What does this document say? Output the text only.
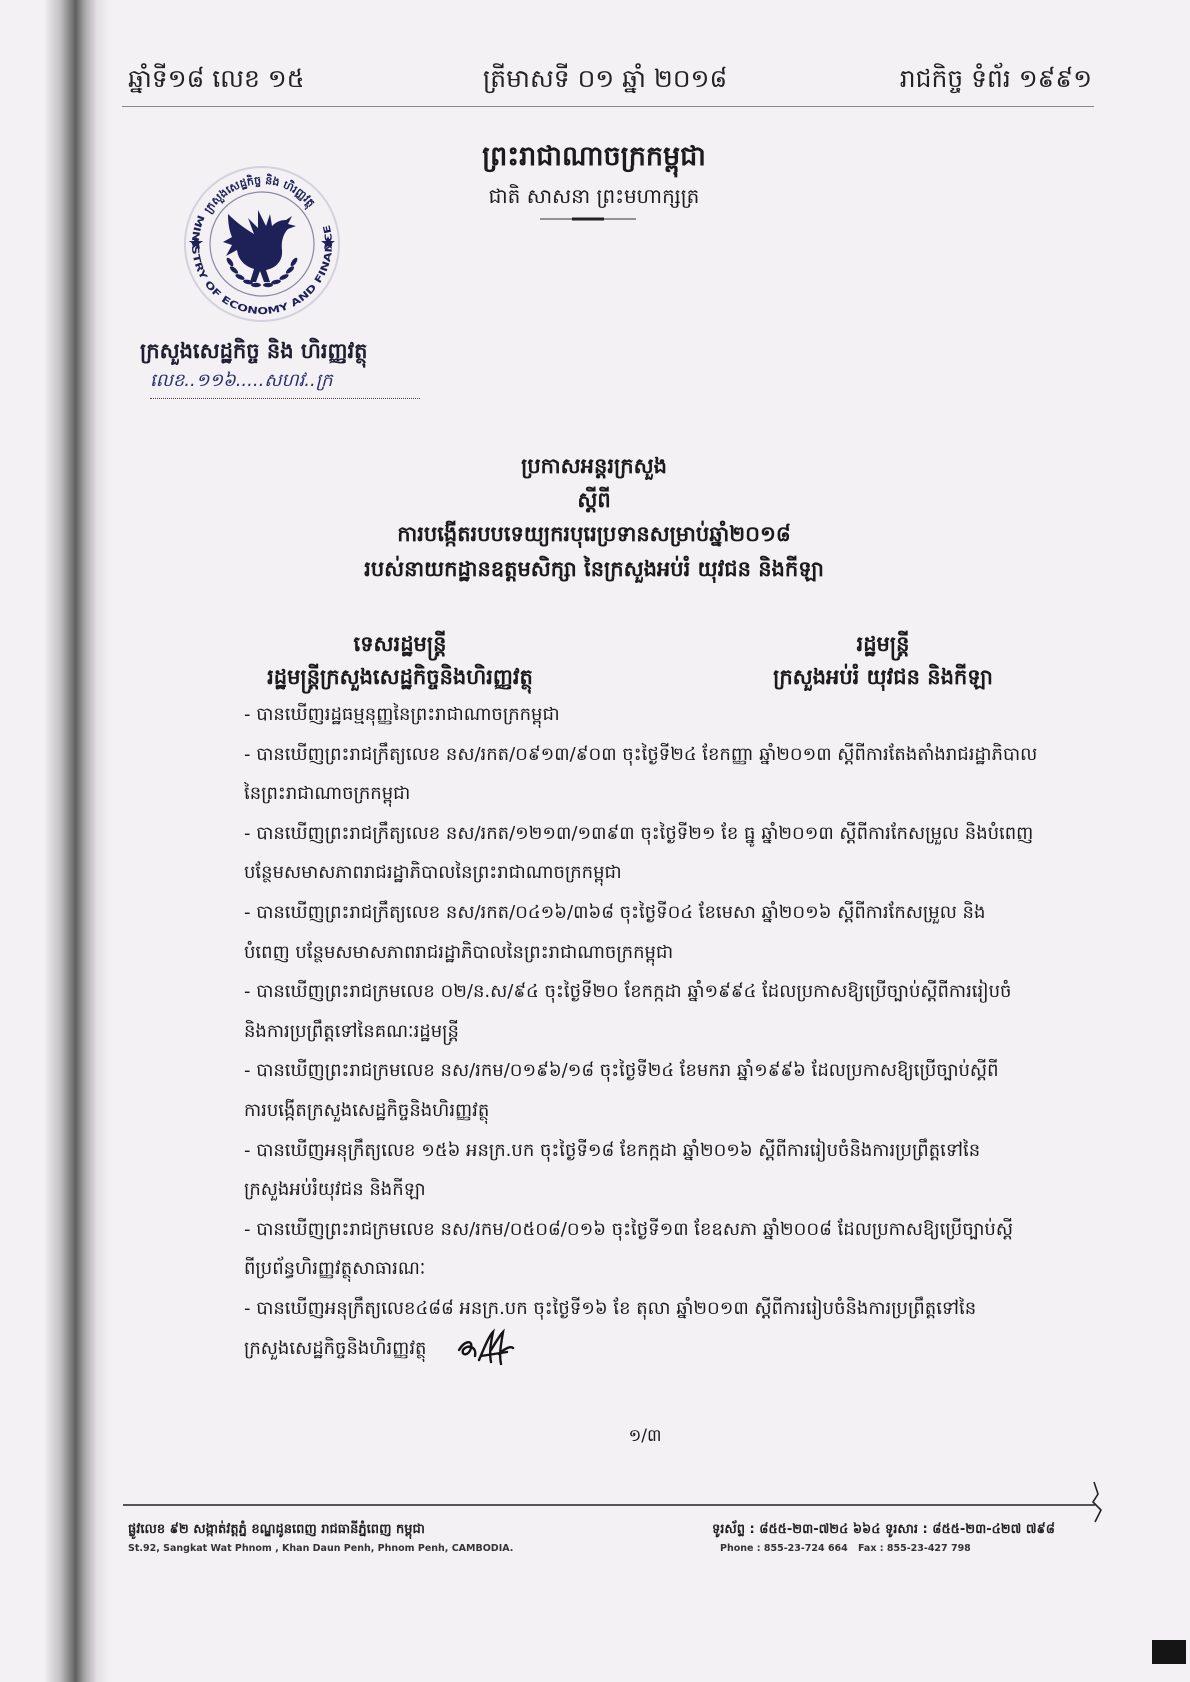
ឆ្នាំទី១៨ លេខ ១៥	ត្រីមាសទី ០១ ឆ្នាំ ២០១៨	រាជកិច្ច ទំព័រ ១៩៩១
ព្រះរាជាណាចក្រកម្ពុជា
ជាតិ សាសនា ព្រះមហាក្សត្រ
ក្រសួងសេដ្ឋកិច្ច និង ហិរញ្ញវត្ថុ
MIN STRY OF ECONOMY AND FINANCE
ក្រសួងសេដ្ឋកិច្ច និង ហិរញ្ញវត្ថុ
លេខ..១១៦.....សហវ..ក្រ
ប្រកាសអន្តរក្រសួង
ស្តីពី
ការបង្កើតរបបទេយ្យករបុរេប្រទានសម្រាប់ឆ្នាំ២០១៨
របស់នាយកដ្ឋានឧត្តមសិក្សា នៃក្រសួងអប់រំ យុវជន និងកីឡា
ទេសរដ្ឋមន្ត្រី
រដ្ឋមន្ត្រីក្រសួងសេដ្ឋកិច្ចនិងហិរញ្ញវត្ថុ
រដ្ឋមន្ត្រី
ក្រសួងអប់រំ យុវជន និងកីឡា
- បានឃើញរដ្ឋធម្មនុញ្ញនៃព្រះរាជាណាចក្រកម្ពុជា
- បានឃើញព្រះរាជក្រឹត្យលេខ នស/រកត/០៩១៣/៩០៣ ចុះថ្ងៃទី២៤ ខែកញ្ញា ឆ្នាំ២០១៣ ស្តីពីការតែងតាំងរាជរដ្ឋាភិបាល
នៃព្រះរាជាណាចក្រកម្ពុជា
- បានឃើញព្រះរាជក្រឹត្យលេខ នស/រកត/១២១៣/១៣៩៣ ចុះថ្ងៃទី២១ ខែ ធ្នូ ឆ្នាំ២០១៣ ស្តីពីការកែសម្រួល និងបំពេញ
បន្ថែមសមាសភាពរាជរដ្ឋាភិបាលនៃព្រះរាជាណាចក្រកម្ពុជា
- បានឃើញព្រះរាជក្រឹត្យលេខ នស/រកត/០៤១៦/៣៦៨ ចុះថ្ងៃទី០៤ ខែមេសា ឆ្នាំ២០១៦ ស្តីពីការកែសម្រួល និង
បំពេញ បន្ថែមសមាសភាពរាជរដ្ឋាភិបាលនៃព្រះរាជាណាចក្រកម្ពុជា
- បានឃើញព្រះរាជក្រមលេខ ០២/ន.ស/៩៤ ចុះថ្ងៃទី២០ ខែកក្កដា ឆ្នាំ១៩៩៤ ដែលប្រកាសឱ្យប្រើច្បាប់ស្តីពីការរៀបចំ
និងការប្រព្រឹត្តទៅនៃគណៈរដ្ឋមន្ត្រី
- បានឃើញព្រះរាជក្រមលេខ នស/រកម/០១៩៦/១៨ ចុះថ្ងៃទី២៤ ខែមករា ឆ្នាំ១៩៩៦ ដែលប្រកាសឱ្យប្រើច្បាប់ស្តីពី
ការបង្កើតក្រសួងសេដ្ឋកិច្ចនិងហិរញ្ញវត្ថុ
- បានឃើញអនុក្រឹត្យលេខ ១៥៦ អនក្រ.បក ចុះថ្ងៃទី១៨ ខែកក្កដា ឆ្នាំ២០១៦ ស្តីពីការរៀបចំនិងការប្រព្រឹត្តទៅនៃ
ក្រសួងអប់រំយុវជន និងកីឡា
- បានឃើញព្រះរាជក្រមលេខ នស/រកម/០៥០៨/០១៦ ចុះថ្ងៃទី១៣ ខែឧសភា ឆ្នាំ២០០៨ ដែលប្រកាសឱ្យប្រើច្បាប់ស្តី
ពីប្រព័ន្ធហិរញ្ញវត្ថុសាធារណៈ
- បានឃើញអនុក្រឹត្យលេខ៤៨៨ អនក្រ.បក ចុះថ្ងៃទី១៦ ខែ តុលា ឆ្នាំ២០១៣ ស្តីពីការរៀបចំនិងការប្រព្រឹត្តទៅនៃ
ក្រសួងសេដ្ឋកិច្ចនិងហិរញ្ញវត្ថុ
១/៣
ផ្លូវលេខ ៩២ សង្កាត់វត្តភ្នំ ខណ្ឌដូនពេញ រាជធានីភ្នំពេញ កម្ពុជា
St.92, Sangkat Wat Phnom , Khan Daun Penh, Phnom Penh, CAMBODIA.
ទូរស័ព្ទ : ៨៥៥-២៣-៧២៤ ៦៦៤ ទូរសារ : ៨៥៥-២៣-៤២៧ ៧៩៨
Phone : 855-23-724 664 Fax : 855-23-427 798
